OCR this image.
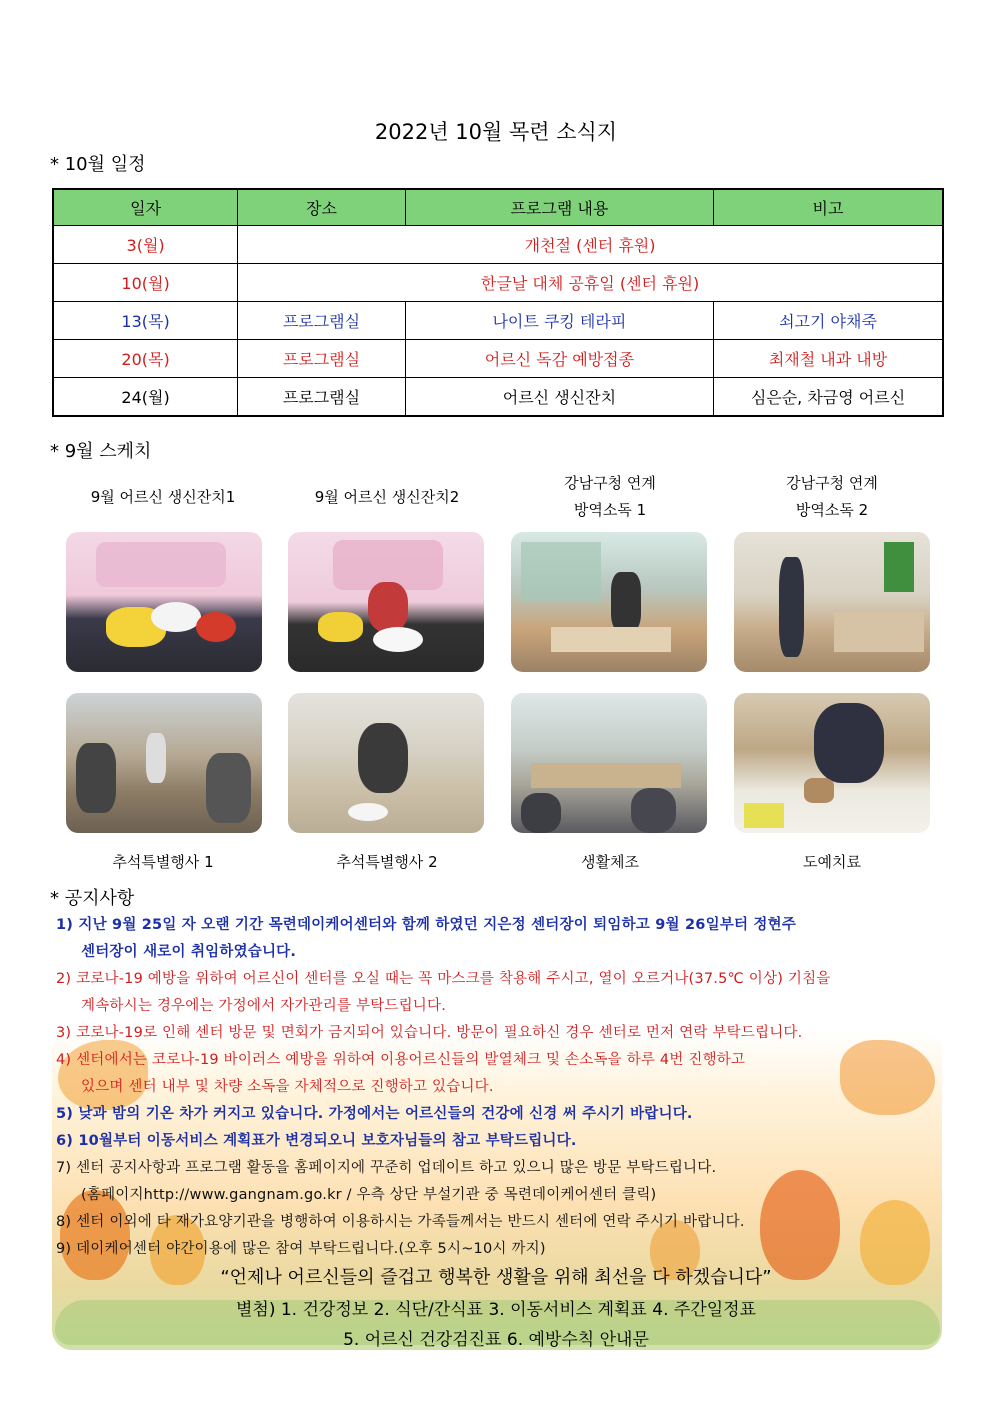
2022년 10월 목련 소식지
* 10월 일정
일자	장소	프로그램 내용	비고
3(월)	개천절 (센터 휴원)		
10(월)	한글날 대체 공휴일 (센터 휴원)		
13(목)	프로그램실	나이트 쿠킹 테라피	쇠고기 야채죽
20(목)	프로그램실	어르신 독감 예방접종	최재철 내과 내방
24(월)	프로그램실	어르신 생신잔치	심은순, 차금영 어르신
* 9월 스케치
9월 어르신 생신잔치1	9월 어르신 생신잔치2
강남구청 연계
방역소독 1
강남구청 연계
방역소독 2
추석특별행사 1	추석특별행사 2	생활체조	도예치료
* 공지사항
1) 지난 9월 25일 자 오랜 기간 목련데이케어센터와 함께 하였던 지은정 센터장이 퇴임하고 9월 26일부터 정현주
센터장이 새로이 취임하였습니다.
2) 코로나-19 예방을 위하여 어르신이 센터를 오실 때는 꼭 마스크를 착용해 주시고, 열이 오르거나(37.5℃ 이상) 기침을
계속하시는 경우에는 가정에서 자가관리를 부탁드립니다.
3) 코로나-19로 인해 센터 방문 및 면회가 금지되어 있습니다. 방문이 필요하신 경우 센터로 먼저 연락 부탁드립니다.
4) 센터에서는 코로나-19 바이러스 예방을 위하여 이용어르신들의 발열체크 및 손소독을 하루 4번 진행하고
있으며 센터 내부 및 차량 소독을 자체적으로 진행하고 있습니다.
5) 낮과 밤의 기온 차가 커지고 있습니다. 가정에서는 어르신들의 건강에 신경 써 주시기 바랍니다.
6) 10월부터 이동서비스 계획표가 변경되오니 보호자님들의 참고 부탁드립니다.
7) 센터 공지사항과 프로그램 활동을 홈페이지에 꾸준히 업데이트 하고 있으니 많은 방문 부탁드립니다.
(홈페이지http://www.gangnam.go.kr / 우측 상단 부설기관 중 목련데이케어센터 클릭)
8) 센터 이외에 타 재가요양기관을 병행하여 이용하시는 가족들께서는 반드시 센터에 연락 주시기 바랍니다.
9) 데이케어센터 야간이용에 많은 참여 부탁드립니다.(오후 5시~10시 까지)
“언제나 어르신들의 즐겁고 행복한 생활을 위해 최선을 다 하겠습니다”
별첨) 1. 건강정보 2. 식단/간식표 3. 이동서비스 계획표 4. 주간일정표
5. 어르신 건강검진표 6. 예방수칙 안내문
